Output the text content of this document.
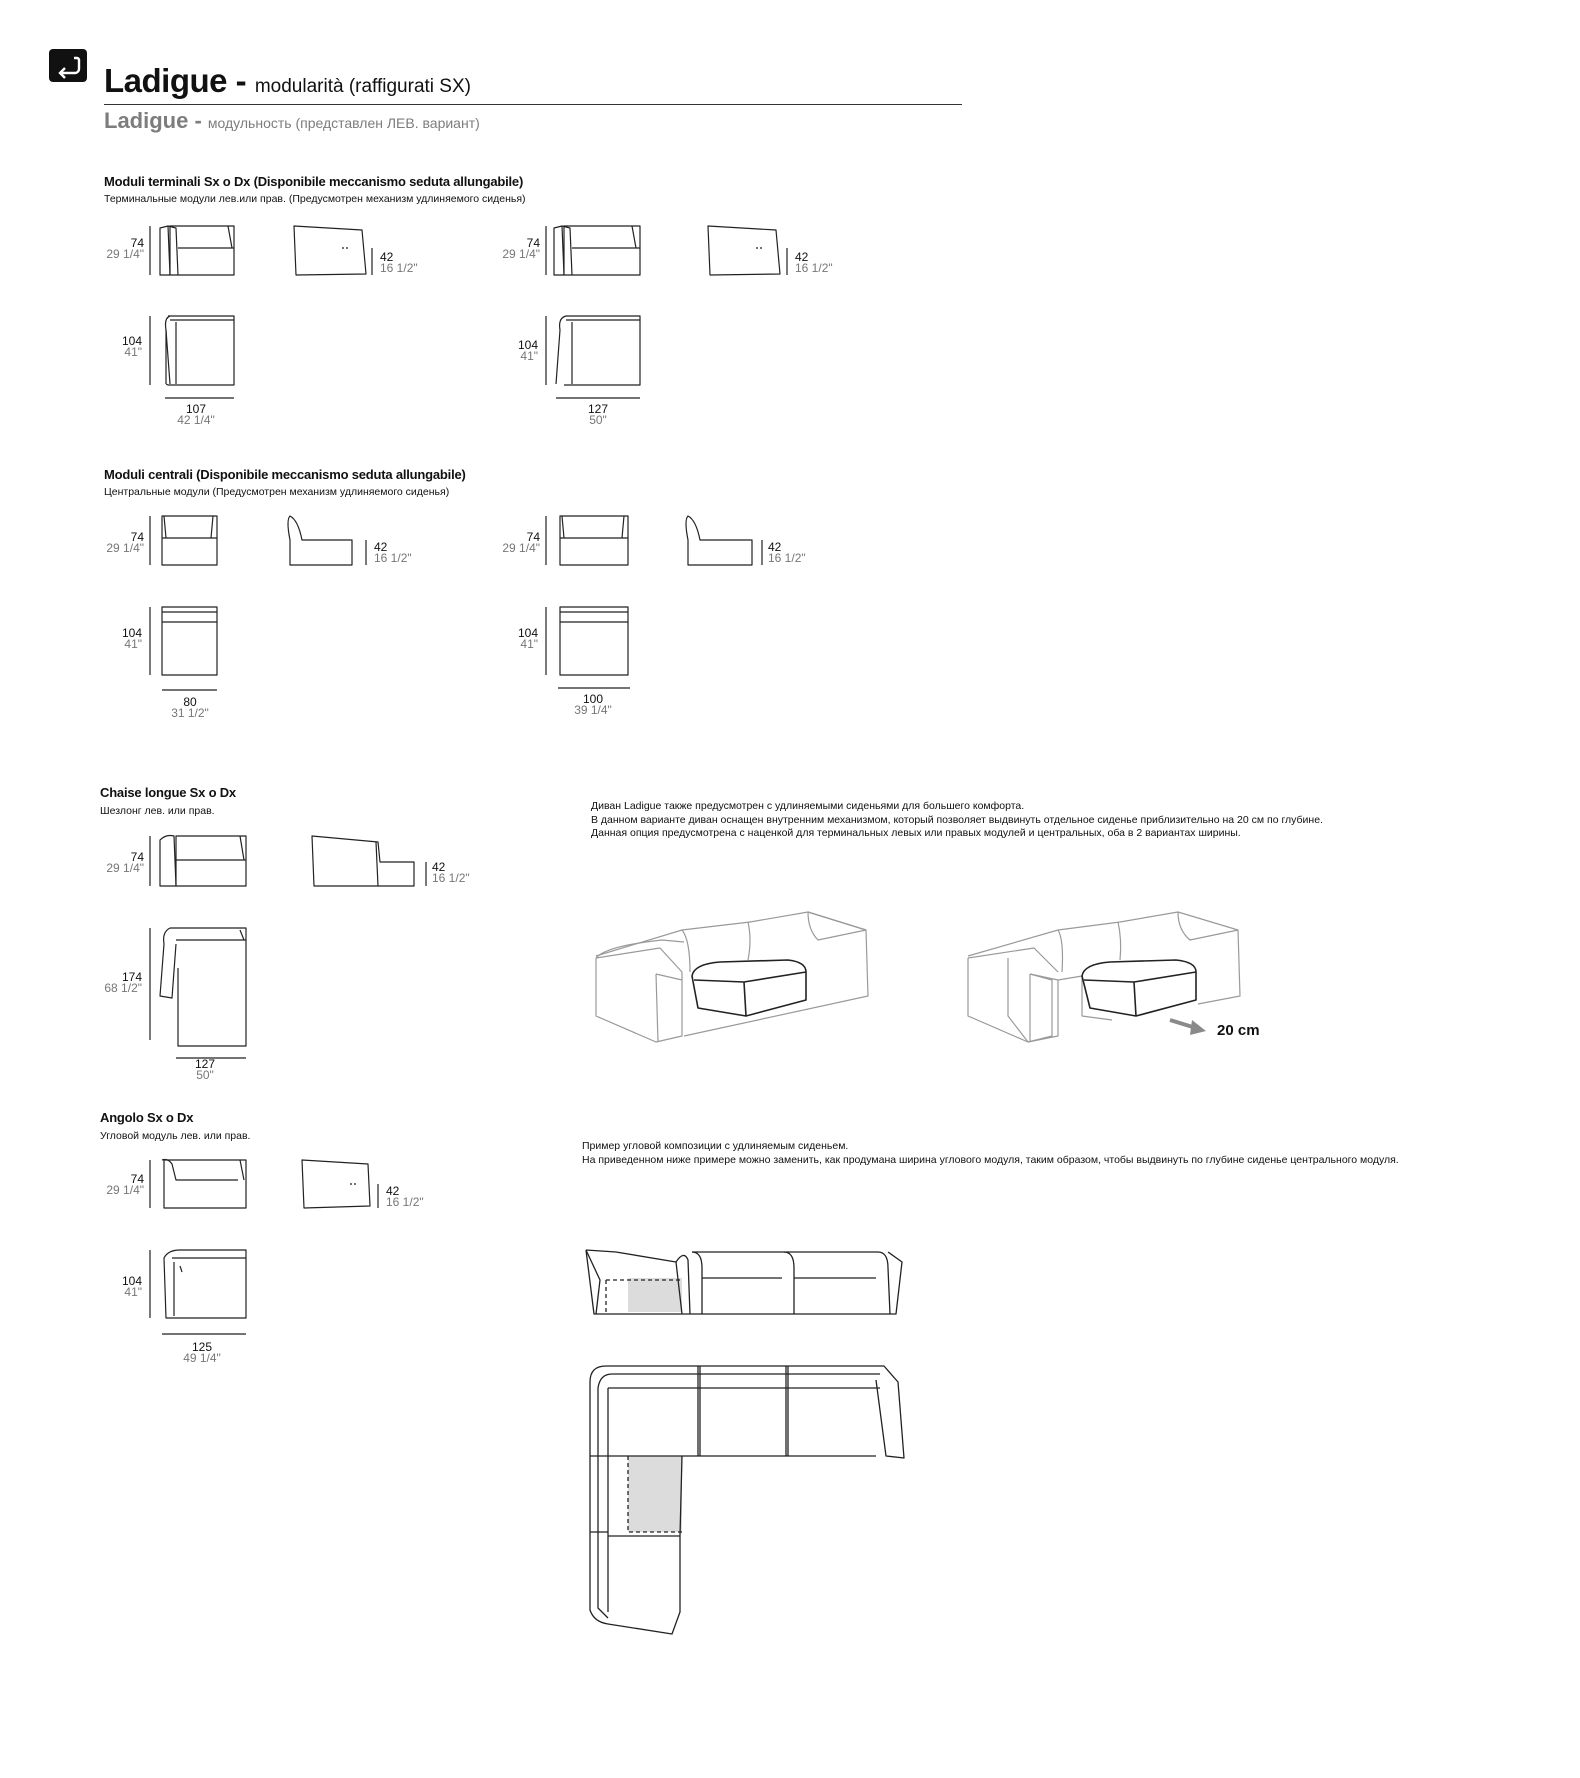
Ladigue - modularità (raffigurati SX)
Ladigue - модульность (представлен ЛЕВ. вариант)
Moduli terminali Sx o Dx (Disponibile meccanismo seduta allungabile)
Терминальные модули лев.или прав. (Предусмотрен механизм удлиняемого сиденья)
Moduli centrali (Disponibile meccanismo seduta allungabile)
Центральные модули (Предусмотрен механизм удлиняемого сиденья)
Chaise longue Sx o Dx
Шезлонг лев. или прав.
Angolo Sx o Dx
Угловой модуль лев. или прав.
Диван Ladigue также предусмотрен с удлиняемыми сиденьями для большего комфорта.
В данном варианте диван оснащен внутренним механизмом, который позволяет выдвинуть отдельное сиденье приблизительно на 20 см по глубине.
Данная опция предусмотрена с наценкой для терминальных левых или правых модулей и центральных, оба в 2 вариантах ширины.
Пример угловой композиции с удлиняемым сиденьем.
На приведенном ниже примере можно заменить, как продумана ширина углового модуля, таким образом, чтобы выдвинуть по глубине сиденье центрального модуля.
20 cm
74
29 1/4"	42
16 1/2"
104
41"
107
42 1/4"
74
29 1/4"	42
16 1/2"
104
41"
127
50"
74
29 1/4"	42
16 1/2"
104
41"
80
31 1/2"
74
29 1/4"	42
16 1/2"
104
41"
100
39 1/4"
74
29 1/4"	42
16 1/2"
174
68 1/2"
127
50"
74
29 1/4"	42
16 1/2"
104
41"
125
49 1/4"
